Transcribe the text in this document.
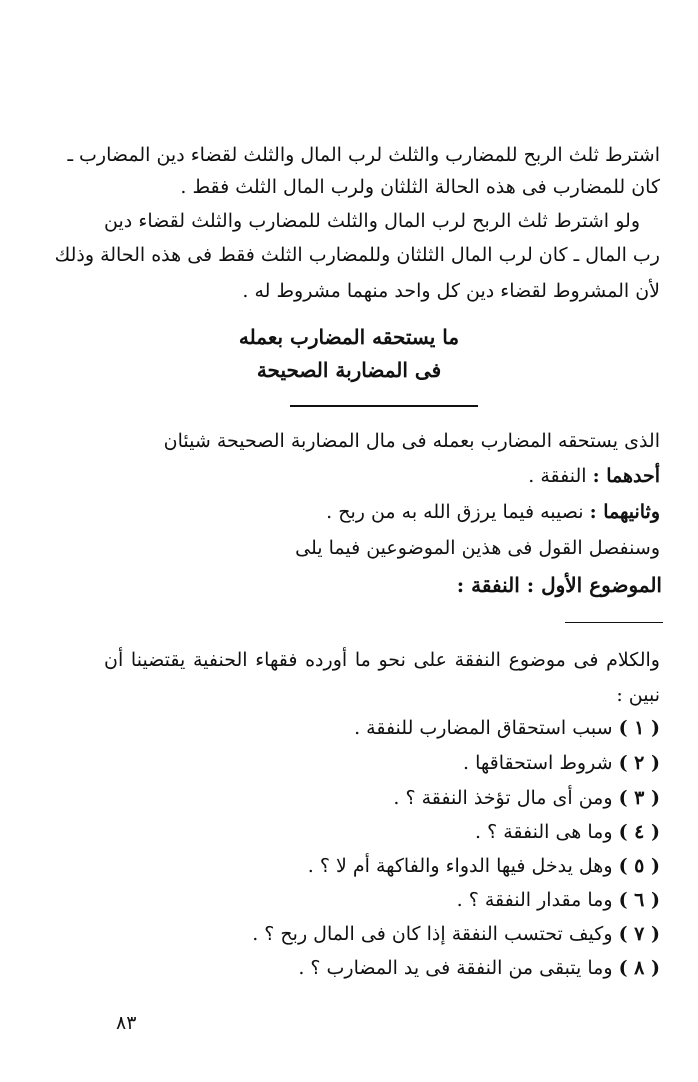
اشترط ثلث الربح للمضارب والثلث لرب المال والثلث لقضاء دين المضارب ـ
كان للمضارب فى هذه الحالة الثلثان ولرب المال الثلث فقط .
ولو اشترط ثلث الربح لرب المال والثلث للمضارب والثلث لقضاء دين
رب المال ـ كان لرب المال الثلثان وللمضارب الثلث فقط فى هذه الحالة وذلك
لأن المشروط لقضاء دين كل واحد منهما مشروط له .
ما يستحقه المضارب بعمله
فى المضاربة الصحيحة
الذى يستحقه المضارب بعمله فى مال المضاربة الصحيحة شيئان
أحدهما : النفقة .
وثانيهما : نصيبه فيما يرزق الله به من ربح .
وسنفصل القول فى هذين الموضوعين فيما يلى
الموضوع الأول : النفقة :
والكلام فى موضوع النفقة على نحو ما أورده فقهاء الحنفية يقتضينا أن
نبين :
( ١ ) سبب استحقاق المضارب للنفقة .
( ٢ ) شروط استحقاقها .
( ٣ ) ومن أى مال تؤخذ النفقة ؟ .
( ٤ ) وما هى النفقة ؟ .
( ٥ ) وهل يدخل فيها الدواء والفاكهة أم لا ؟ .
( ٦ ) وما مقدار النفقة ؟ .
( ٧ ) وكيف تحتسب النفقة إذا كان فى المال ربح ؟ .
( ٨ ) وما يتبقى من النفقة فى يد المضارب ؟ .
٨٣
